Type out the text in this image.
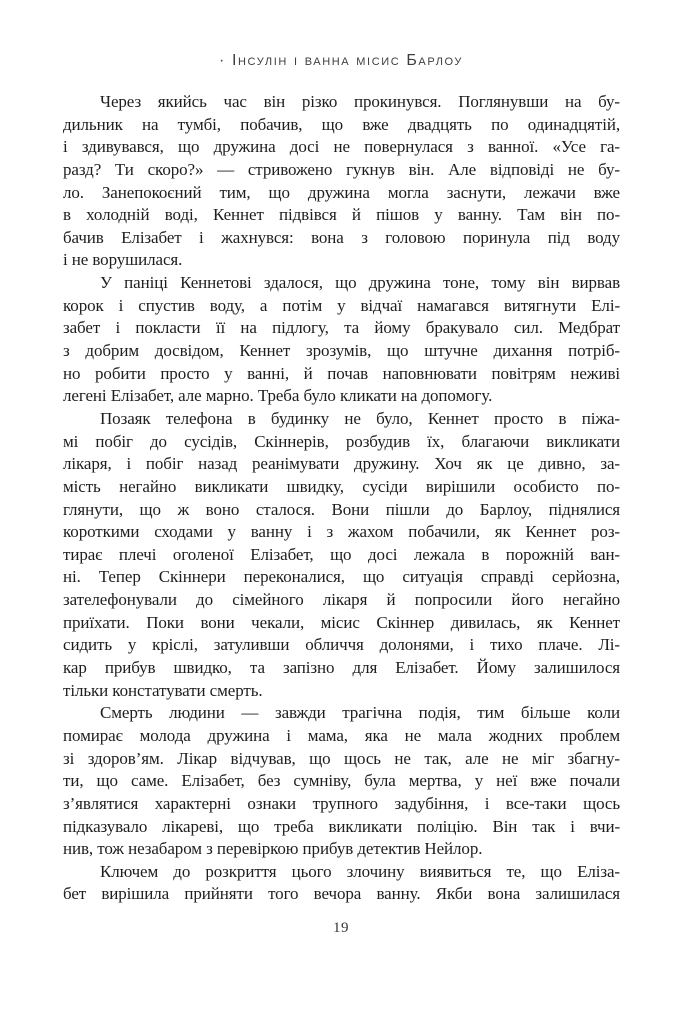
· Інсулін і ванна місис Барлоу
Через якийсь час він різко прокинувся. Поглянувши на бу-
дильник на тумбі, побачив, що вже двадцять по одинадцятій,
і здивувався, що дружина досі не повернулася з ванної. «Усе га-
разд? Ти скоро?» — стривожено гукнув він. Але відповіді не бу-
ло. Занепокоєний тим, що дружина могла заснути, лежачи вже
в холодній воді, Кеннет підвівся й пішов у ванну. Там він по-
бачив Елізабет і жахнувся: вона з головою поринула під воду
і не ворушилася.
У паніці Кеннетові здалося, що дружина тоне, тому він вирвав
корок і спустив воду, а потім у відчаї намагався витягнути Елі-
забет і покласти її на підлогу, та йому бракувало сил. Медбрат
з добрим досвідом, Кеннет зрозумів, що штучне дихання потріб-
но робити просто у ванні, й почав наповнювати повітрям неживі
легені Елізабет, але марно. Треба було кликати на допомогу.
Позаяк телефона в будинку не було, Кеннет просто в піжа-
мі побіг до сусідів, Скіннерів, розбудив їх, благаючи викликати
лікаря, і побіг назад реанімувати дружину. Хоч як це дивно, за-
мість негайно викликати швидку, сусіди вирішили особисто по-
глянути, що ж воно сталося. Вони пішли до Барлоу, піднялися
короткими сходами у ванну і з жахом побачили, як Кеннет роз-
тирає плечі оголеної Елізабет, що досі лежала в порожній ван-
ні. Тепер Скіннери переконалися, що ситуація справді серйозна,
зателефонували до сімейного лікаря й попросили його негайно
приїхати. Поки вони чекали, місис Скіннер дивилась, як Кеннет
сидить у кріслі, затуливши обличчя долонями, і тихо плаче. Лі-
кар прибув швидко, та запізно для Елізабет. Йому залишилося
тільки констатувати смерть.
Смерть людини — завжди трагічна подія, тим більше коли
помирає молода дружина і мама, яка не мала жодних проблем
зі здоров’ям. Лікар відчував, що щось не так, але не міг збагну-
ти, що саме. Елізабет, без сумніву, була мертва, у неї вже почали
з’являтися характерні ознаки трупного задубіння, і все-таки щось
підказувало лікареві, що треба викликати поліцію. Він так і вчи-
нив, тож незабаром з перевіркою прибув детектив Нейлор.
Ключем до розкриття цього злочину виявиться те, що Еліза-
бет вирішила прийняти того вечора ванну. Якби вона залишилася
19
